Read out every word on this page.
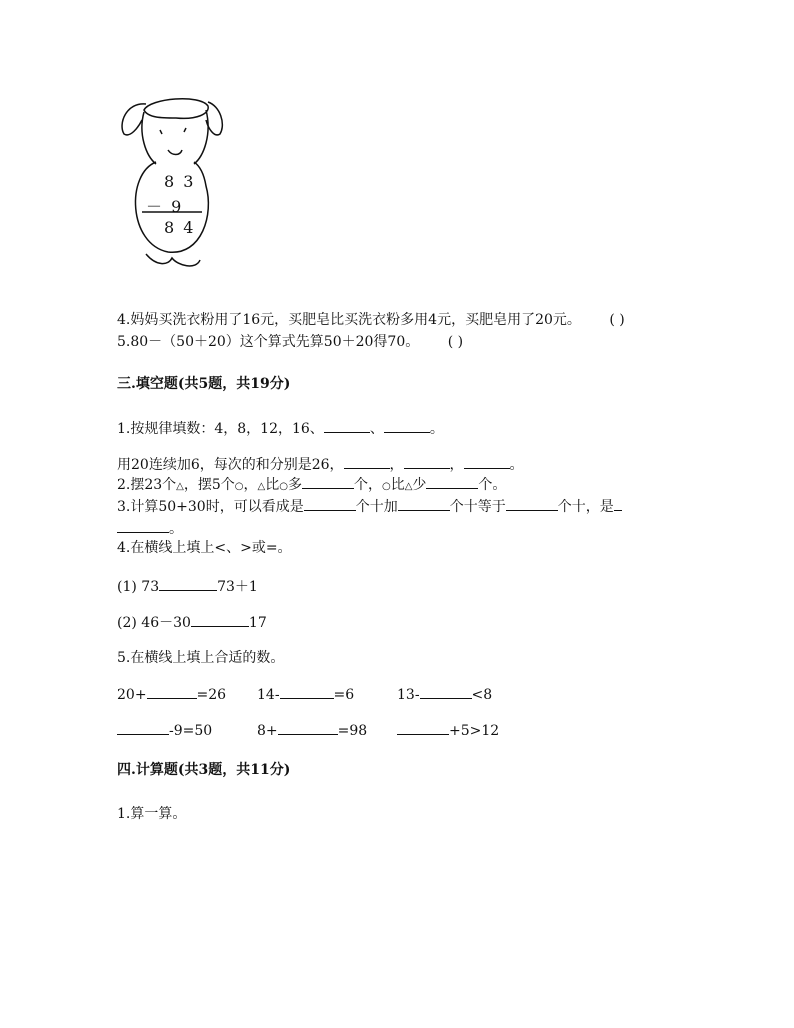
8 3
－ 9
8 4
4.妈妈买洗衣粉用了16元，买肥皂比买洗衣粉多用4元，买肥皂用了20元。 ( )
5.80－（50＋20）这个算式先算50＋20得70。 ( )
三.填空题(共5题，共19分)
1.按规律填数：4，8，12，16、	、	。
用20连续加6，每次的和分别是26，	，	，	。
2.摆23个△，摆5个○，△比○多	个，○比△少	个。
3.计算50+30时，可以看成是	个十加	个十等于	个十，是
。
4.在横线上填上<、>或=。
(1) 73	73＋1
(2) 46－30	17
5.在横线上填上合适的数。
20+	=26 14-	=6	13-	<8
-9=50	8+	=98	+5>12
四.计算题(共3题，共11分)
1.算一算。
